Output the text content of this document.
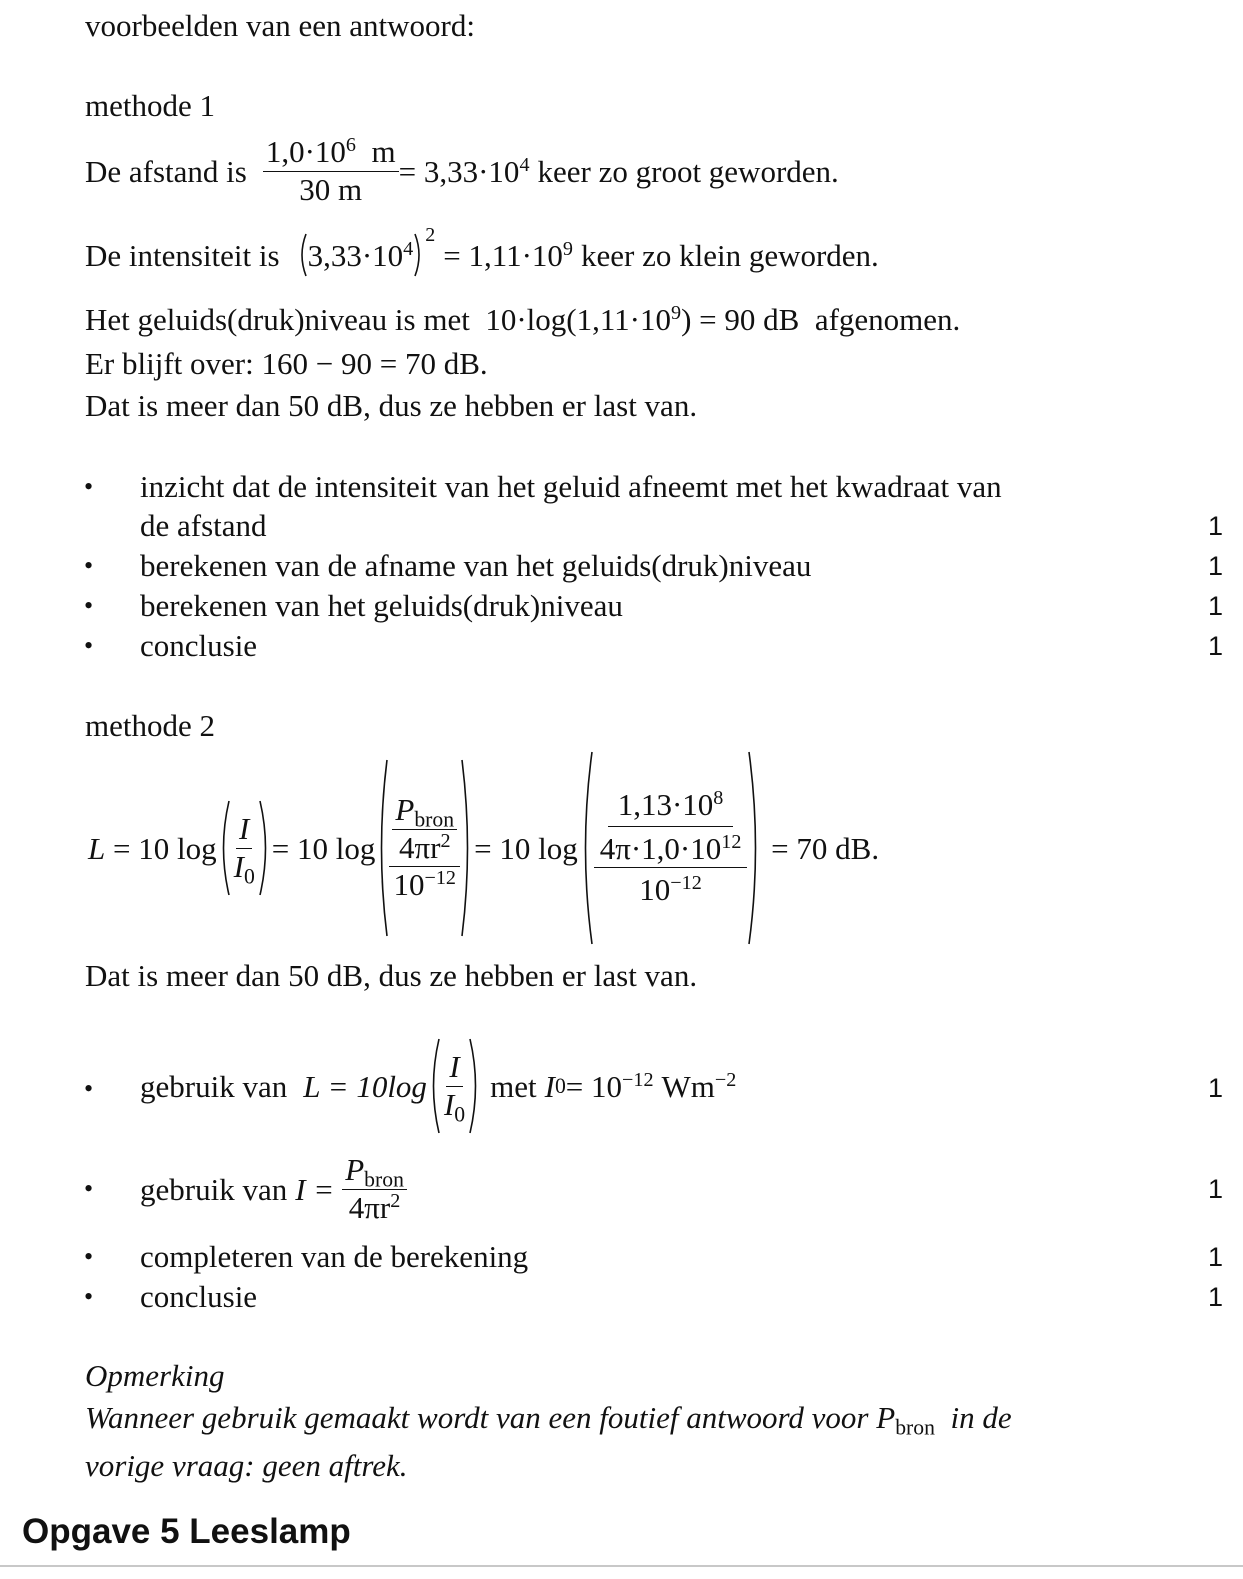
voorbeelden van een antwoord:
methode 1
De afstand is $\frac{1,0\cdot 10^6 m}{30 m} = 3,33\cdot 10^4$ keer zo groot geworden.
De intensiteit is $3,33\cdot 10^4$
2
= $1,11\cdot 10^9$ keer zo klein geworden.
Het geluids(druk)niveau is met $10\cdot\log(1,11\cdot 10^9) = 90$ dB afgenomen.
Er blijft over: 160 − 90 = 70 dB.
Dat is meer dan 50 dB, dus ze hebben er last van.
• inzicht dat de intensiteit van het geluid afneemt met het kwadraat van
de afstand	1
• berekenen van de afname van het geluids(druk)niveau	1
• berekenen van het geluids(druk)niveau	1
• conclusie	1
methode 2
L
= 10 $\log \frac{I}{I_0} = 10$ $\log \frac{\frac{P_{bron}}{4\pi r^2}}{10^{-12}} = 10$ $\log \frac{\frac{1,13\cdot 10^8}{4\pi\cdot 1,0\cdot 10^{12}}}{10^{-12}}$
= 70 dB.
Dat is meer dan 50 dB, dus ze hebben er last van.
• gebruik van $L = 10\log \frac{I}{I_0}$ met I $0 = 10^{-12}$ $Wm^{-2}$	1
• gebruik van $I = \frac{P_{bron}}{4\pi r^2}$	1
• completeren van de berekening	1
• conclusie	1
Opmerking
Wanneer gebruik gemaakt wordt van een foutief antwoord voor $P_{bron}$ in de
vorige vraag: geen aftrek.
Opgave 5 Leeslamp
